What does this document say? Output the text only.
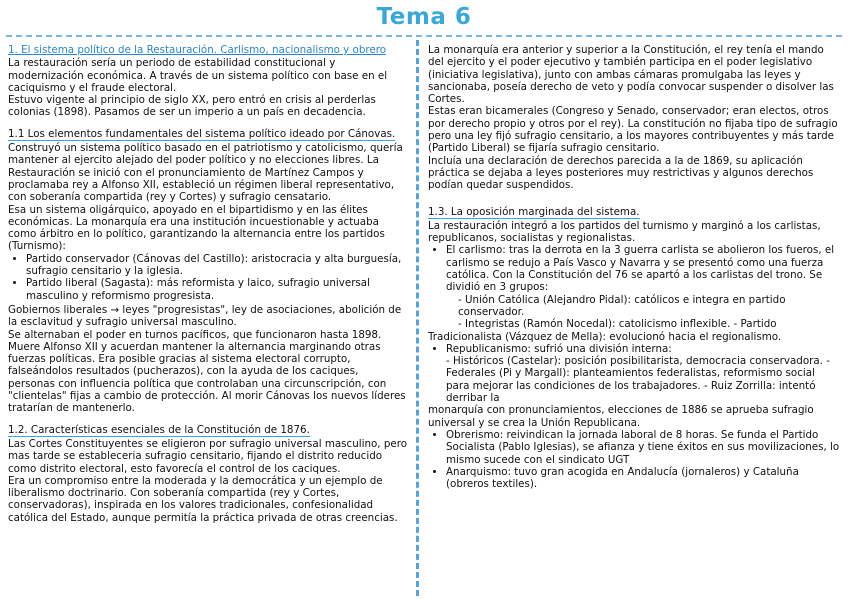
Tema 6
1. El sistema político de la Restauración. Carlismo, nacionalismo y obrero

La restauración sería un periodo de estabilidad constitucional y modernización económica. A través de un sistema político con base en el caciquismo y el fraude electoral.

Estuvo vigente al principio de siglo XX, pero entró en crisis al perderlas colonias (1898). Pasamos de ser un imperio a un país en decadencia.

1.1 Los elementos fundamentales del sistema político ideado por Cánovas.

Construyó un sistema político basado en el patriotismo y catolicismo, quería mantener al ejercito alejado del poder político y no elecciones libres. La Restauración se inició con el pronunciamiento de Martínez Campos y proclamaba rey a Alfonso XII, estableció un régimen liberal representativo, con soberanía compartida (rey y Cortes) y sufragio censatario.

Esa un sistema oligárquico, apoyado en el bipartidismo y en las élites económicas. La monarquía era una institución incuestionable y actuaba como árbitro en lo político, garantizando la alternancia entre los partidos (Turnismo):

• Partido conservador (Cánovas del Castillo): aristocracia y alta burguesía, sufragio censitario y la iglesia.
• Partido liberal (Sagasta): más reformista y laico, sufragio universal masculino y reformismo progresista.

Gobiernos liberales → leyes "progresistas", ley de asociaciones, abolición de la esclavitud y sufragio universal masculino.

Se alternaban el poder en turnos pacíficos, que funcionaron hasta 1898. Muere Alfonso XII y acuerdan mantener la alternancia marginando otras fuerzas políticas. Era posible gracias al sistema electoral corrupto, falseándolos resultados (pucherazos), con la ayuda de los caciques, personas con influencia política que controlaban una circunscripción, con "clientelas" fijas a cambio de protección. Al morir Cánovas los nuevos líderes tratarían de mantenerlo.

1.2. Características esenciales de la Constitución de 1876.

Las Cortes Constituyentes se eligieron por sufragio universal masculino, pero mas tarde se estableceria sufragio censitario, fijando el distrito reducido como distrito electoral, esto favorecía el control de los caciques.

Era un compromiso entre la moderada y la democrática y un ejemplo de liberalismo doctrinario. Con soberanía compartida (rey y Cortes, conservadoras), inspirada en los valores tradicionales, confesionalidad católica del Estado, aunque permitía la práctica privada de otras creencias.

La monarquía era anterior y superior a la Constitución, el rey tenía el mando del ejercito y el poder ejecutivo y también participa en el poder legislativo (iniciativa legislativa), junto con ambas cámaras promulgaba las leyes y sancionaba, poseía derecho de veto y podía convocar suspender o disolver las Cortes.

Estas eran bicamerales (Congreso y Senado, conservador; eran electos, otros por derecho propio y otros por el rey). La constitución no fijaba tipo de sufragio pero una ley fijó sufragio censitario, a los mayores contribuyentes y más tarde (Partido Liberal) se fijaría sufragio censitario.

Incluía una declaración de derechos parecida a la de 1869, su aplicación práctica se dejaba a leyes posteriores muy restrictivas y algunos derechos podían quedar suspendidos.

1.3. La oposición marginada del sistema.

La restauración integró a los partidos del turnismo y marginó a los carlistas, republicanos, socialistas y regionalistas.

• El carlismo: tras la derrota en la 3 guerra carlista se abolieron los fueros, el carlismo se redujo a País Vasco y Navarra y se presentó como una fuerza católica. Con la Constitución del 76 se apartó a los carlistas del trono. Se dividió en 3 grupos:
- Unión Católica (Alejandro Pidal): católicos e integra en partido conservador.
- Integristas (Ramón Nocedal): catolicismo inflexible. - Partido

Tradicionalista (Vázquez de Mella): evolucionó hacia el regionalismo.

• Republicanismo: sufrió una división interna:
- Históricos (Castelar): posición posibilitarista, democracia conservadora. - Federales (Pi y Margall): planteamientos federalistas, reformismo social para mejorar las condiciones de los trabajadores. - Ruiz Zorrilla: intentó derribar la

monarquía con pronunciamientos, elecciones de 1886 se aprueba sufragio universal y se crea la Unión Republicana.

• Obrerismo: reivindican la jornada laboral de 8 horas. Se funda el Partido Socialista (Pablo Iglesias), se afianza y tiene éxitos en sus movilizaciones, lo mismo sucede con el sindicato UGT
• Anarquismo: tuvo gran acogida en Andalucía (jornaleros) y Cataluña (obreros textiles).
